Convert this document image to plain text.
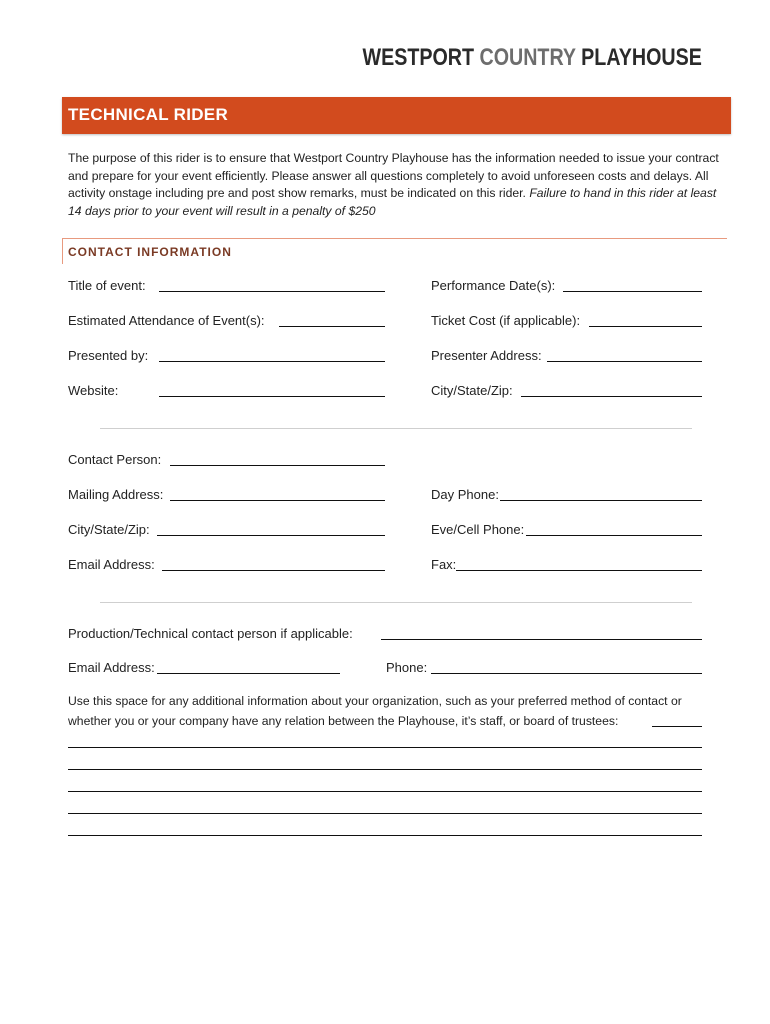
WESTPORT COUNTRY PLAYHOUSE
TECHNICAL RIDER
The purpose of this rider is to ensure that Westport Country Playhouse has the information needed to issue your contract and prepare for your event efficiently. Please answer all questions completely to avoid unforeseen costs and delays. All activity onstage including pre and post show remarks, must be indicated on this rider. Failure to hand in this rider at least 14 days prior to your event will result in a penalty of $250
CONTACT INFORMATION
Title of event:	Performance Date(s):
Estimated Attendance of Event(s):	Ticket Cost (if applicable):
Presented by:	Presenter Address:
Website:	City/State/Zip:
Contact Person:
Mailing Address:	Day Phone:
City/State/Zip:	Eve/Cell Phone:
Email Address:	Fax:
Production/Technical contact person if applicable:
Email Address:	Phone:
Use this space for any additional information about your organization, such as your preferred method of contact or
whether you or your company have any relation between the Playhouse, it’s staff, or board of trustees:
